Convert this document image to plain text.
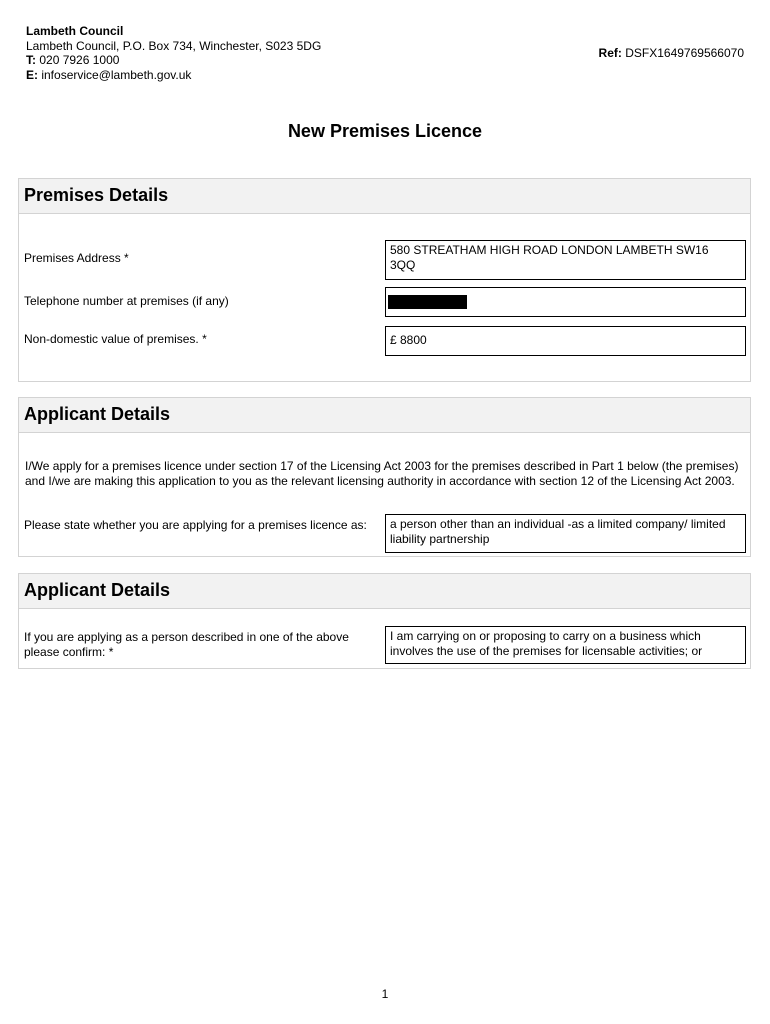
Lambeth Council
Lambeth Council, P.O. Box 734, Winchester, S023 5DG
T: 020 7926 1000
E: infoservice@lambeth.gov.uk
Ref: DSFX1649769566070
New Premises Licence
Premises Details
Premises Address *
580 STREATHAM HIGH ROAD LONDON LAMBETH SW16
3QQ
Telephone number at premises (if any)
Non-domestic value of premises. *	£ 8800
Applicant Details
I/We apply for a premises licence under section 17 of the Licensing Act 2003 for the premises described in Part 1 below (the premises) and I/we are making this application to you as the relevant licensing authority in accordance with section 12 of the Licensing Act 2003.
Please state whether you are applying for a premises licence as:	a person other than an individual -as a limited company/ limited liability partnership
Applicant Details
If you are applying as a person described in one of the above please confirm: *
I am carrying on or proposing to carry on a business which involves the use of the premises for licensable activities; or
1
